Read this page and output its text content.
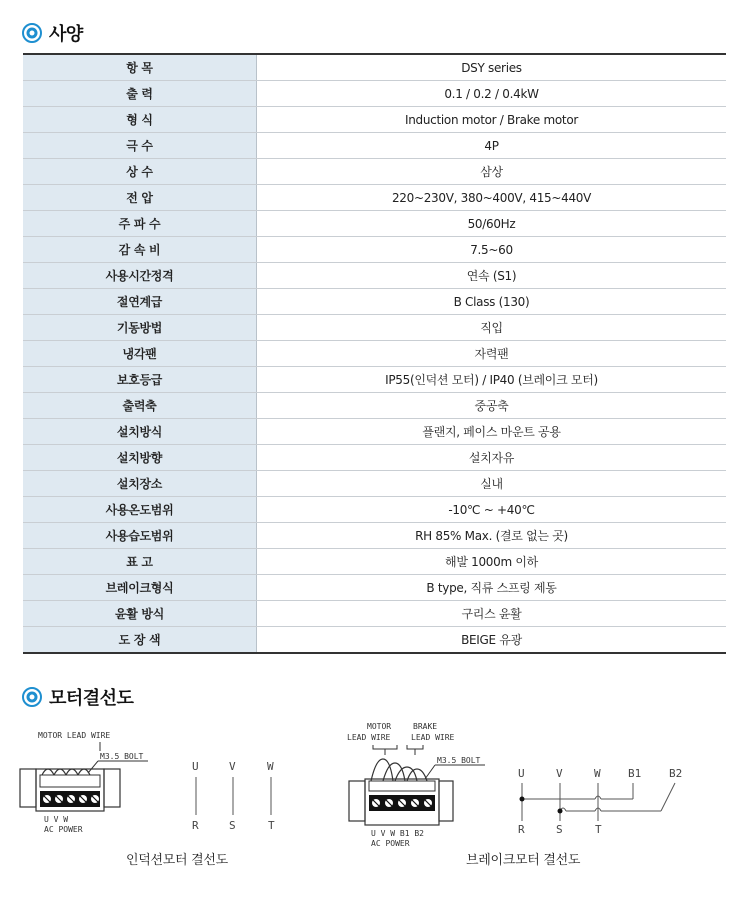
사양
항 목	DSY series
출 력	0.1 / 0.2 / 0.4kW
형 식	Induction motor / Brake motor
극 수	4P
상 수	삼상
전 압	220~230V, 380~400V, 415~440V
주 파 수	50/60Hz
감 속 비	7.5~60
사용시간정격	연속 (S1)
절연계급	B Class (130)
기동방법	직입
냉각팬	자력팬
보호등급	IP55(인덕션 모터) / IP40 (브레이크 모터)
출력축	중공축
설치방식	플랜지, 페이스 마운트 공용
설치방향	설치자유
설치장소	실내
사용온도범위	-10℃ ~ +40℃
사용습도범위	RH 85% Max. (결로 없는 곳)
표 고	해발 1000m 이하
브레이크형식	B type, 직류 스프링 제동
윤활 방식	구리스 윤활
도 장 색	BEIGE 유광
모터결선도
MOTOR LEAD WIRE
M3.5 BOLT
U V W
AC POWER
U	V	W
R	S	T
인덕션모터 결선도
MOTOR
LEAD WIRE
BRAKE
LEAD WIRE
M3.5 BOLT
U V W B1 B2
AC POWER
U	V	W B1	B2
R	S	T
브레이크모터 결선도
